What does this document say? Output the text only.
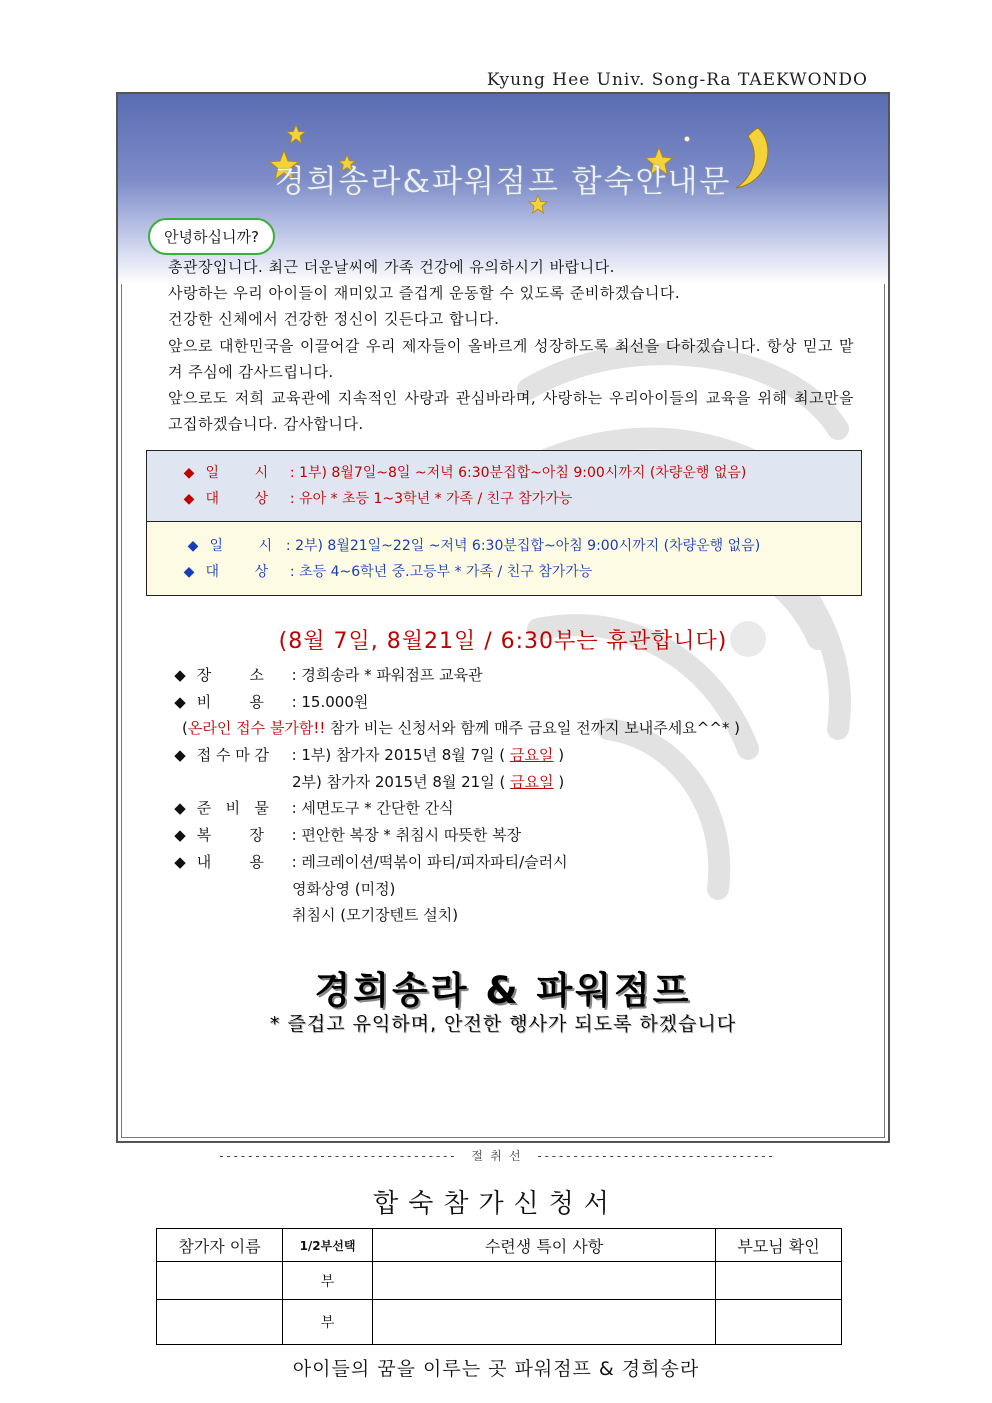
Kyung Hee Univ. Song-Ra TAEKWONDO
경희송라&파워점프 합숙안내문
안녕하십니까?

총관장입니다. 최근 더운날씨에 가족 건강에 유의하시기 바랍니다.

사랑하는 우리 아이들이 재미있고 즐겁게 운동할 수 있도록 준비하겠습니다.

건강한 신체에서 건강한 정신이 깃든다고 합니다.

앞으로 대한민국을 이끌어갈 우리 제자들이 올바르게 성장하도록 최선을 다하겠습니다. 항상 믿고 맡겨 주심에 감사드립니다.

앞으로도 저희 교육관에 지속적인 사랑과 관심바라며, 사랑하는 우리아이들의 교육을 위해 최고만을 고집하겠습니다. 감사합니다.

◆ 일        시 : 1부) 8월7일~8일 ~저녁 6:30분집합~아침 9:00시까지 (차량운행 없음)
◆ 대        상 : 유아 * 초등 1~3학년 * 가족 / 친구 참가가능
◆ 일        시 : 2부) 8월21일~22일 ~저녁 6:30분집합~아침 9:00시까지 (차량운행 없음)
◆ 대        상 : 초등 4~6학년 중.고등부 * 가족 / 친구 참가가능
(8월 7일, 8월21일 / 6:30부는 휴관합니다)
◆ 장        소 : 경희송라 * 파워점프 교육관
◆ 비        용 : 15.000원
(온라인 접수 불가함!! 참가 비는 신청서와 함께 매주 금요일 전까지 보내주세요^^* )
◆ 접 수 마 감 : 1부) 참가자 2015년 8월 7일 ( 금요일 )
2부) 참가자 2015년 8월 21일 ( 금요일 )
◆ 준   비   물 : 세면도구 * 간단한 간식
◆ 복        장 : 편안한 복장 * 취침시 따뜻한 복장
◆ 내        용 : 레크레이션/떡볶이 파티/피자파티/슬러시
영화상영 (미정)
취침시 (모기장텐트 설치)
경희송라 & 파워점프
* 즐겁고 유익하며, 안전한 행사가 되도록 하겠습니다
--------------------------------- 절 취 선 ---------------------------------
합숙참가신청서
참가자 이름	1/2부선택	수련생 특이 사항	부모님 확인
	부		
	부		
아이들의 꿈을 이루는 곳 파워점프 & 경희송라
